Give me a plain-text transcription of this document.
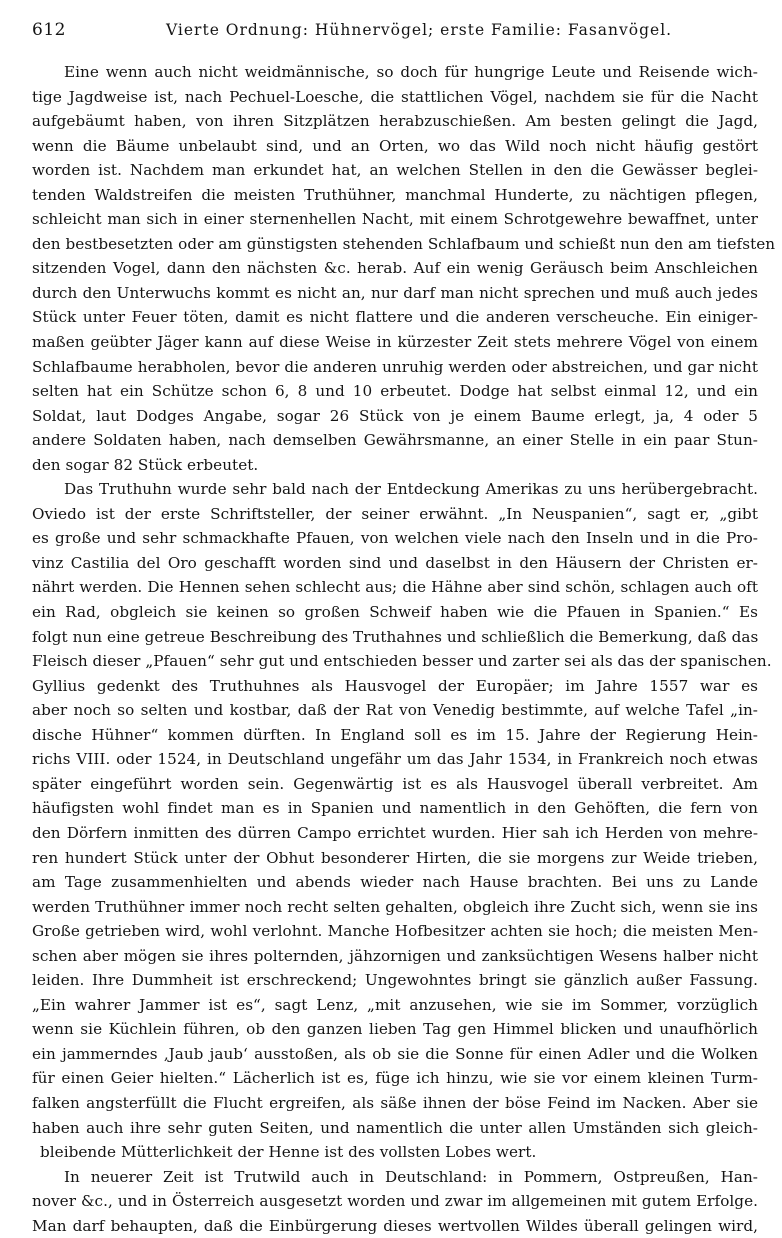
612	Vierte Ordnung: Hühnervögel; erste Familie: Fasanvögel.
Eine wenn auch nicht weidmännische, so doch für hungrige Leute und Reisende wich-
tige Jagdweise ist, nach Pechuel-Loesche, die stattlichen Vögel, nachdem sie für die Nacht
aufgebäumt haben, von ihren Sitzplätzen herabzuschießen. Am besten gelingt die Jagd,
wenn die Bäume unbelaubt sind, und an Orten, wo das Wild noch nicht häufig gestört
worden ist. Nachdem man erkundet hat, an welchen Stellen in den die Gewässer beglei-
tenden Waldstreifen die meisten Truthühner, manchmal Hunderte, zu nächtigen pflegen,
schleicht man sich in einer sternenhellen Nacht, mit einem Schrotgewehre bewaffnet, unter
den bestbesetzten oder am günstigsten stehenden Schlafbaum und schießt nun den am tiefsten
sitzenden Vogel, dann den nächsten &c. herab. Auf ein wenig Geräusch beim Anschleichen
durch den Unterwuchs kommt es nicht an, nur darf man nicht sprechen und muß auch jedes
Stück unter Feuer töten, damit es nicht flattere und die anderen verscheuche. Ein einiger-
maßen geübter Jäger kann auf diese Weise in kürzester Zeit stets mehrere Vögel von einem
Schlafbaume herabholen, bevor die anderen unruhig werden oder abstreichen, und gar nicht
selten hat ein Schütze schon 6, 8 und 10 erbeutet. Dodge hat selbst einmal 12, und ein
Soldat, laut Dodges Angabe, sogar 26 Stück von je einem Baume erlegt, ja, 4 oder 5
andere Soldaten haben, nach demselben Gewährsmanne, an einer Stelle in ein paar Stun-
den sogar 82 Stück erbeutet.
Das Truthuhn wurde sehr bald nach der Entdeckung Amerikas zu uns herübergebracht.
Oviedo ist der erste Schriftsteller, der seiner erwähnt. „In Neuspanien“, sagt er, „gibt
es große und sehr schmackhafte Pfauen, von welchen viele nach den Inseln und in die Pro-
vinz Castilia del Oro geschafft worden sind und daselbst in den Häusern der Christen er-
nährt werden. Die Hennen sehen schlecht aus; die Hähne aber sind schön, schlagen auch oft
ein Rad, obgleich sie keinen so großen Schweif haben wie die Pfauen in Spanien.“ Es
folgt nun eine getreue Beschreibung des Truthahnes und schließlich die Bemerkung, daß das
Fleisch dieser „Pfauen“ sehr gut und entschieden besser und zarter sei als das der spanischen.
Gyllius gedenkt des Truthuhnes als Hausvogel der Europäer; im Jahre 1557 war es
aber noch so selten und kostbar, daß der Rat von Venedig bestimmte, auf welche Tafel „in-
dische Hühner“ kommen dürften. In England soll es im 15. Jahre der Regierung Hein-
richs VIII. oder 1524, in Deutschland ungefähr um das Jahr 1534, in Frankreich noch etwas
später eingeführt worden sein. Gegenwärtig ist es als Hausvogel überall verbreitet. Am
häufigsten wohl findet man es in Spanien und namentlich in den Gehöften, die fern von
den Dörfern inmitten des dürren Campo errichtet wurden. Hier sah ich Herden von mehre-
ren hundert Stück unter der Obhut besonderer Hirten, die sie morgens zur Weide trieben,
am Tage zusammenhielten und abends wieder nach Hause brachten. Bei uns zu Lande
werden Truthühner immer noch recht selten gehalten, obgleich ihre Zucht sich, wenn sie ins
Große getrieben wird, wohl verlohnt. Manche Hofbesitzer achten sie hoch; die meisten Men-
schen aber mögen sie ihres polternden, jähzornigen und zanksüchtigen Wesens halber nicht
leiden. Ihre Dummheit ist erschreckend; Ungewohntes bringt sie gänzlich außer Fassung.
„Ein wahrer Jammer ist es“, sagt Lenz, „mit anzusehen, wie sie im Sommer, vorzüglich
wenn sie Küchlein führen, ob den ganzen lieben Tag gen Himmel blicken und unaufhörlich
ein jammerndes ‚Jaub jaub‘ ausstoßen, als ob sie die Sonne für einen Adler und die Wolken
für einen Geier hielten.“ Lächerlich ist es, füge ich hinzu, wie sie vor einem kleinen Turm-
falken angsterfüllt die Flucht ergreifen, als säße ihnen der böse Feind im Nacken. Aber sie
haben auch ihre sehr guten Seiten, und namentlich die unter allen Umständen sich gleich-
bleibende Mütterlichkeit der Henne ist des vollsten Lobes wert.
In neuerer Zeit ist Trutwild auch in Deutschland: in Pommern, Ostpreußen, Han-
nover &c., und in Österreich ausgesetzt worden und zwar im allgemeinen mit gutem Erfolge.
Man darf behaupten, daß die Einbürgerung dieses wertvollen Wildes überall gelingen wird,
